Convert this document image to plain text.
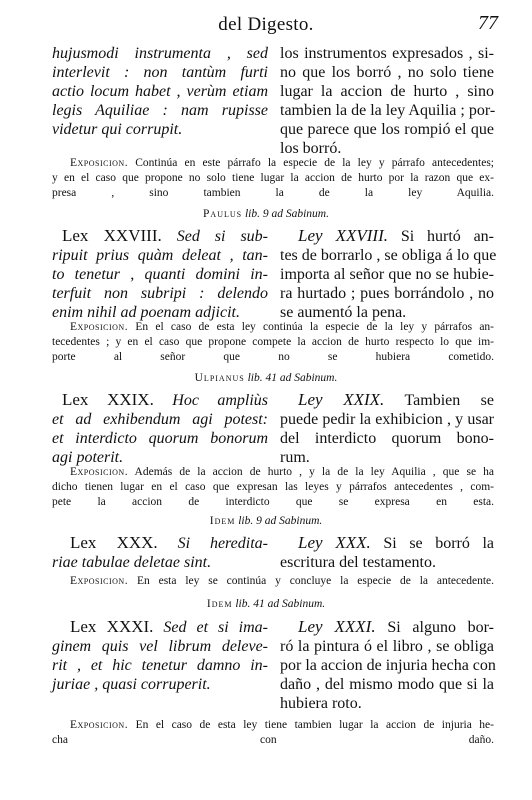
del Digesto.	77
hujusmodi instrumenta , sed
interlevit : non tantùm furti
actio locum habet , verùm etiam
legis Aquiliae : nam rupisse
videtur qui corrupit.
los instrumentos expresados , si-
no que los borró , no solo tiene
lugar la accion de hurto , sino
tambien la de la ley Aquilia ; por-
que parece que los rompió el que
los borró.
Exposicion. Continúa en este párrafo la especie de la ley y párrafo antecedentes;
y en el caso que propone no solo tiene lugar la accion de hurto por la razon que ex-
presa , sino tambien la de la ley Aquilia.
Paulus lib. 9 ad Sabinum.
Lex XXVIII. Sed si sub-
ripuit prius quàm deleat , tan-
to tenetur , quanti domini in-
terfuit non subripi : delendo
enim nihil ad poenam adjicit.
Ley XXVIII. Si hurtó an-
tes de borrarlo , se obliga á lo que
importa al señor que no se hubie-
ra hurtado ; pues borrándolo , no
se aumentó la pena.
Exposicion. En el caso de esta ley continúa la especie de la ley y párrafos an-
tecedentes ; y en el caso que propone compete la accion de hurto respecto lo que im-
porte al señor que no se hubiera cometido.
Ulpianus lib. 41 ad Sabinum.
Lex XXIX. Hoc ampliùs
et ad exhibendum agi potest:
et interdicto quorum bonorum
agi poterit.
Ley XXIX. Tambien se
puede pedir la exhibicion , y usar
del interdicto quorum bono-
rum.
Exposicion. Además de la accion de hurto , y la de la ley Aquilia , que se ha
dicho tienen lugar en el caso que expresan las leyes y párrafos antecedentes , com-
pete la accion de interdicto que se expresa en esta.
Idem lib. 9 ad Sabinum.
Lex XXX. Si heredita-
riae tabulae deletae sint.
Ley XXX. Si se borró la
escritura del testamento.
Exposicion. En esta ley se continúa y concluye la especie de la antecedente.
Idem lib. 41 ad Sabinum.
Lex XXXI. Sed et si ima-
ginem quis vel librum deleve-
rit , et hic tenetur damno in-
juriae , quasi corruperit.
Ley XXXI. Si alguno bor-
ró la pintura ó el libro , se obliga
por la accion de injuria hecha con
daño , del mismo modo que si la
hubiera roto.
Exposicion. En el caso de esta ley tiene tambien lugar la accion de injuria he-
cha con daño.
